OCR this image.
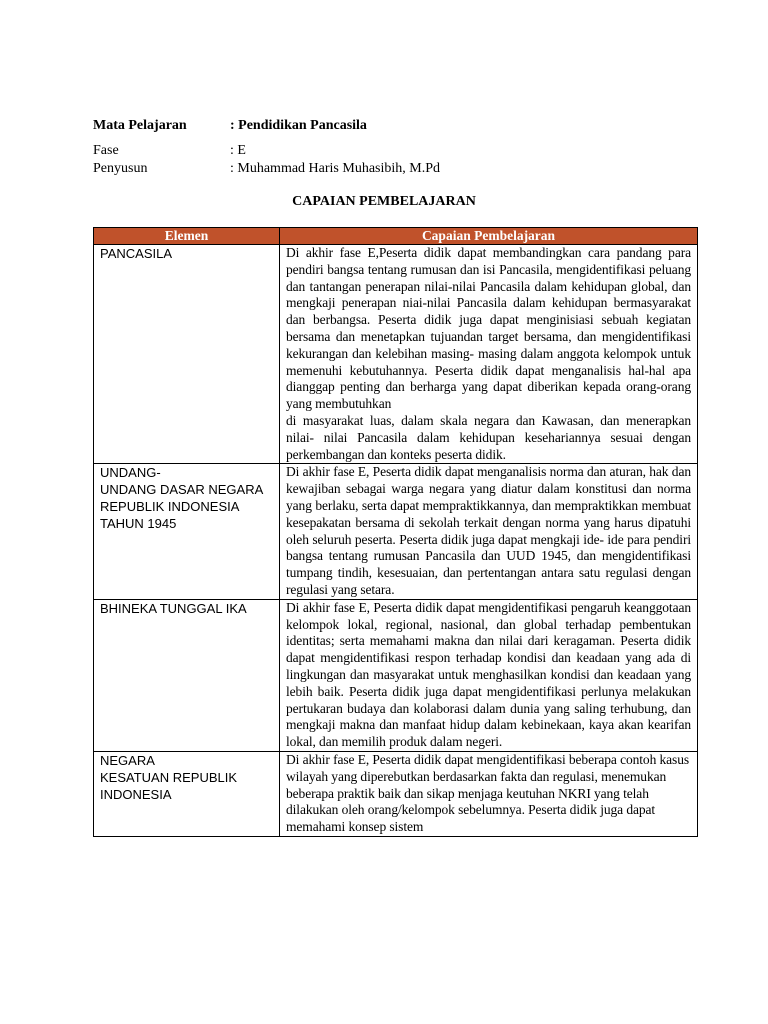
Mata Pelajaran	: Pendidikan Pancasila
Fase	: E
Penyusun	: Muhammad Haris Muhasibih, M.Pd
CAPAIAN PEMBELAJARAN
Elemen	Capaian Pembelajaran
PANCASILA	Di akhir fase E,Peserta didik dapat membandingkan cara pandang para pendiri bangsa tentang rumusan dan isi Pancasila, mengidentifikasi peluang dan tantangan penerapan nilai-nilai Pancasila dalam kehidupan global, dan mengkaji penerapan niai-nilai Pancasila dalam kehidupan bermasyarakat dan berbangsa. Peserta didik juga dapat menginisiasi sebuah kegiatan bersama dan menetapkan tujuandan target bersama, dan mengidentifikasi kekurangan dan kelebihan masing- masing dalam anggota kelompok untuk memenuhi kebutuhannya. Peserta didik dapat menganalisis hal-hal apa dianggap penting dan berharga yang dapat diberikan kepada orang-orang yang membutuhkan
di masyarakat luas, dalam skala negara dan Kawasan, dan menerapkan nilai- nilai Pancasila dalam kehidupan kesehariannya sesuai dengan perkembangan dan konteks peserta didik.
UNDANG-
UNDANG DASAR NEGARA REPUBLIK INDONESIA TAHUN 1945	Di akhir fase E, Peserta didik dapat menganalisis norma dan aturan, hak dan kewajiban sebagai warga negara yang diatur dalam konstitusi dan norma yang berlaku, serta dapat mempraktikkannya, dan mempraktikkan membuat kesepakatan bersama di sekolah terkait dengan norma yang harus dipatuhi oleh seluruh peserta. Peserta didik juga dapat mengkaji ide- ide para pendiri bangsa tentang rumusan Pancasila dan UUD 1945, dan mengidentifikasi tumpang tindih, kesesuaian, dan pertentangan antara satu regulasi dengan regulasi yang setara.
BHINEKA TUNGGAL IKA	Di akhir fase E, Peserta didik dapat mengidentifikasi pengaruh keanggotaan kelompok lokal, regional, nasional, dan global terhadap pembentukan identitas; serta memahami makna dan nilai dari keragaman. Peserta didik dapat mengidentifikasi respon terhadap kondisi dan keadaan yang ada di lingkungan dan masyarakat untuk menghasilkan kondisi dan keadaan yang lebih baik. Peserta didik juga dapat mengidentifikasi perlunya melakukan pertukaran budaya dan kolaborasi dalam dunia yang saling terhubung, dan mengkaji makna dan manfaat hidup dalam kebinekaan, kaya akan kearifan lokal, dan memilih produk dalam negeri.
NEGARA
KESATUAN REPUBLIK INDONESIA	Di akhir fase E, Peserta didik dapat mengidentifikasi beberapa contoh kasus wilayah yang diperebutkan berdasarkan fakta dan regulasi, menemukan beberapa praktik baik dan sikap menjaga keutuhan NKRI yang telah dilakukan oleh orang/kelompok sebelumnya. Peserta didik juga dapat memahami konsep sistem
